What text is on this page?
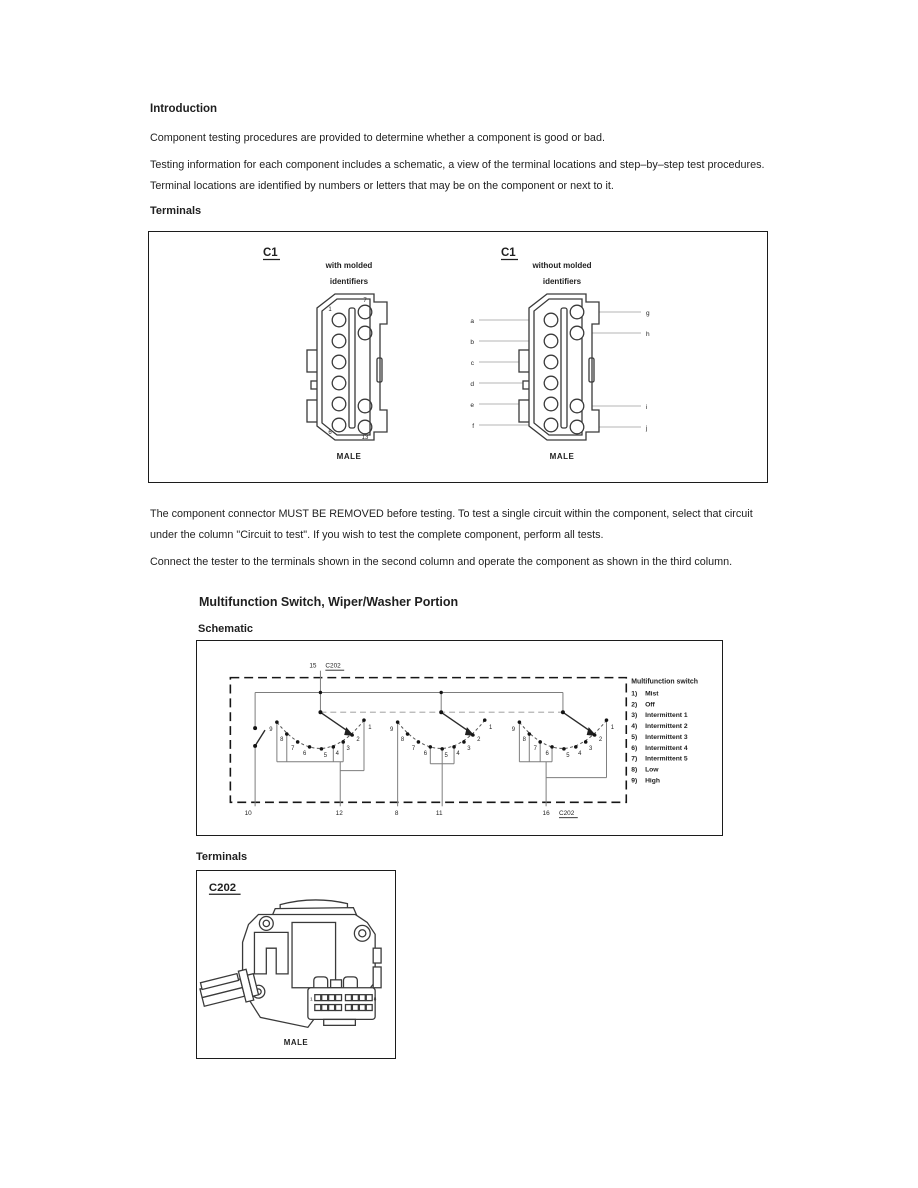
Introduction
Component testing procedures are provided to determine whether a component is good or bad.
Testing information for each component includes a schematic, a view of the terminal locations and step–by–step test procedures. Terminal locations are identified by numbers or letters that may be on the component or next to it.
Terminals
C1
with molded
identifiers
1
6
7
13
MALE
C1
without molded
identifiers
a
b
c
d
e
f
g
h
i
j
MALE
The component connector MUST BE REMOVED before testing. To test a single circuit within the component, select that circuit under the column "Circuit to test". If you wish to test the complete component, perform all tests.
Connect the tester to the terminals shown in the second column and operate the component as shown in the third column.
Multifunction Switch, Wiper/Washer Portion
Schematic
15 C202
9
8
7
6	5 4
3
2
1	9
8
7
6	5 4
3
2
1	9
8
7
6	5 4
3
2
1
10	12	8	11	16 C202
Multifunction switch
1) Mist
2) Off
3) Intermittent 1
4) Intermittent 2
5) Intermittent 3
6) Intermittent 4
7) Intermittent 5
8) Low
9) High
Terminals
C202
1	8
MALE
